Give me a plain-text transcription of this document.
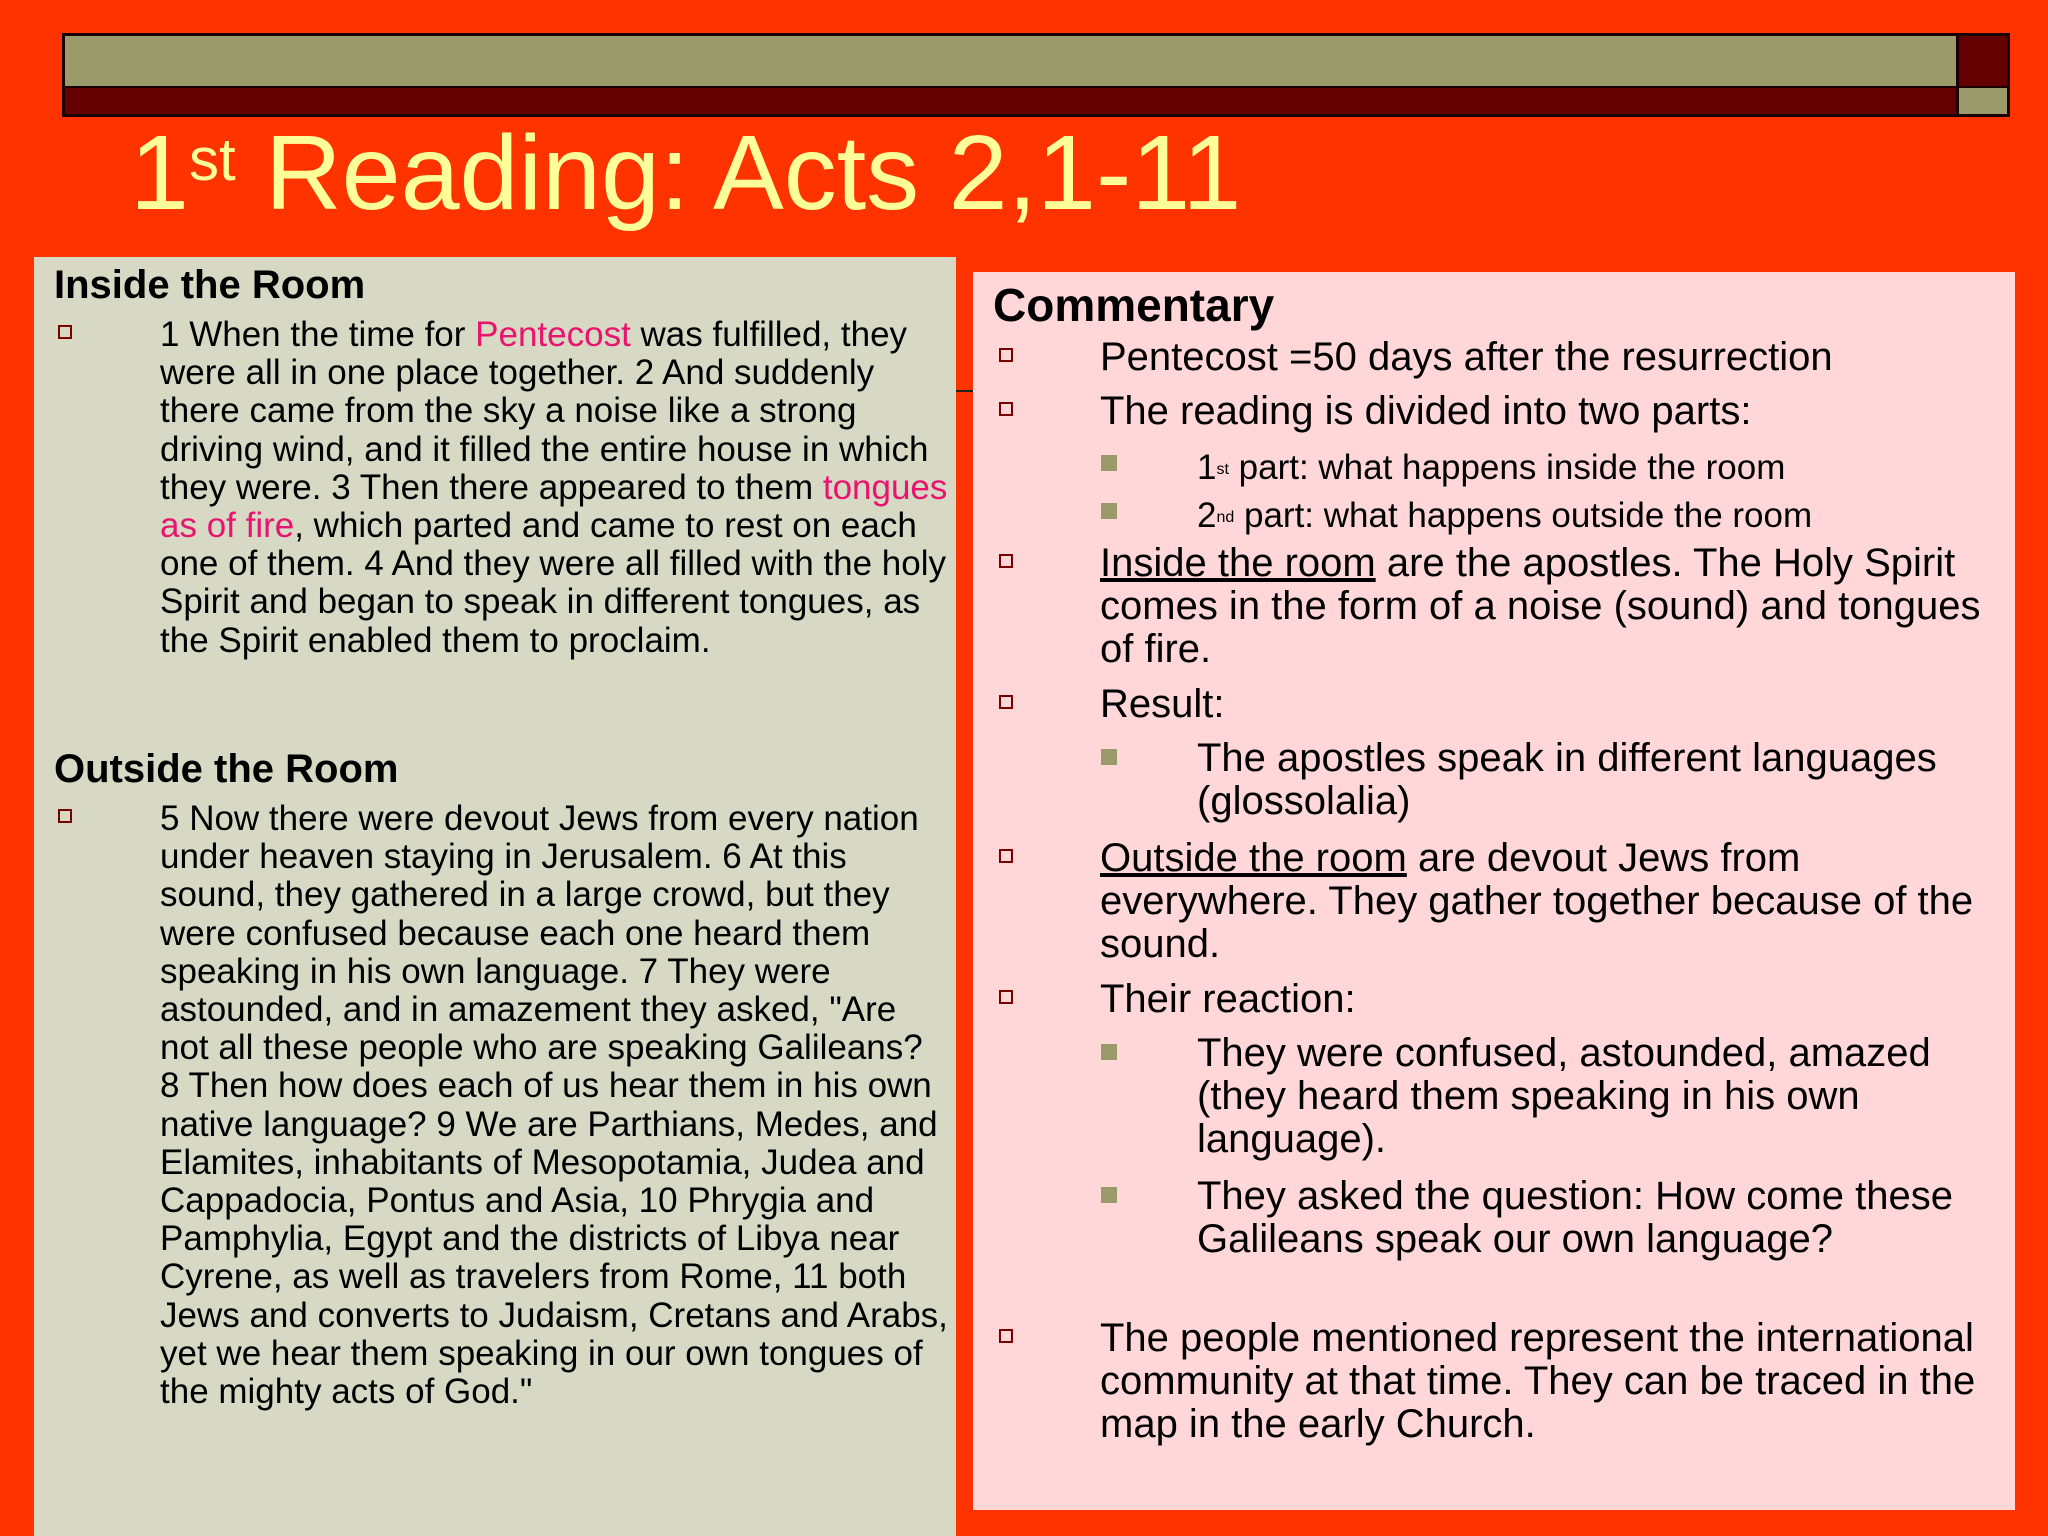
1st Reading: Acts 2,1-11
Inside the Room
1 When the time for Pentecost was fulfilled, they were all in one place together. 2 And suddenly there came from the sky a noise like a strong driving wind, and it filled the entire house in which they were. 3 Then there appeared to them tongues as of fire, which parted and came to rest on each one of them. 4 And they were all filled with the holy Spirit and began to speak in different tongues, as the Spirit enabled them to proclaim.
Outside the Room
5 Now there were devout Jews from every nation under heaven staying in Jerusalem. 6 At this sound, they gathered in a large crowd, but they were confused because each one heard them speaking in his own language. 7 They were astounded, and in amazement they asked, "Are not all these people who are speaking Galileans? 8 Then how does each of us hear them in his own native language? 9 We are Parthians, Medes, and Elamites, inhabitants of Mesopotamia, Judea and Cappadocia, Pontus and Asia, 10 Phrygia and Pamphylia, Egypt and the districts of Libya near Cyrene, as well as travelers from Rome, 11 both Jews and converts to Judaism, Cretans and Arabs, yet we hear them speaking in our own tongues of the mighty acts of God."
Commentary
Pentecost =50 days after the resurrection
The reading is divided into two parts:
1st part: what happens inside the room
2nd part: what happens outside the room
Inside the room are the apostles. The Holy Spirit comes in the form of a noise (sound) and tongues of fire.
Result:
The apostles speak in different languages (glossolalia)
Outside the room are devout Jews from everywhere. They gather together because of the sound.
Their reaction:
They were confused, astounded, amazed (they heard them speaking in his own language).
They asked the question: How come these Galileans speak our own language?
The people mentioned represent the international community at that time. They can be traced in the map in the early Church.
